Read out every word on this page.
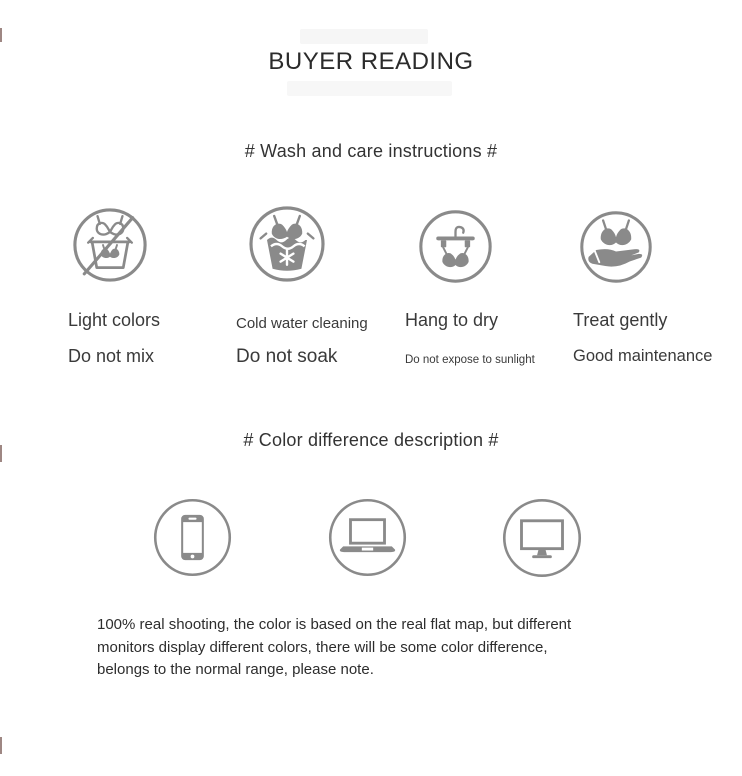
BUYER READING
# Wash and care instructions #
Light colors
Do not mix
Cold water cleaning
Do not soak
Hang to dry
Do not expose to sunlight
Treat gently
Good maintenance
# Color difference description #
100% real shooting, the color is based on the real flat map, but different
monitors display different colors, there will be some color difference,
belongs to the normal range, please note.
